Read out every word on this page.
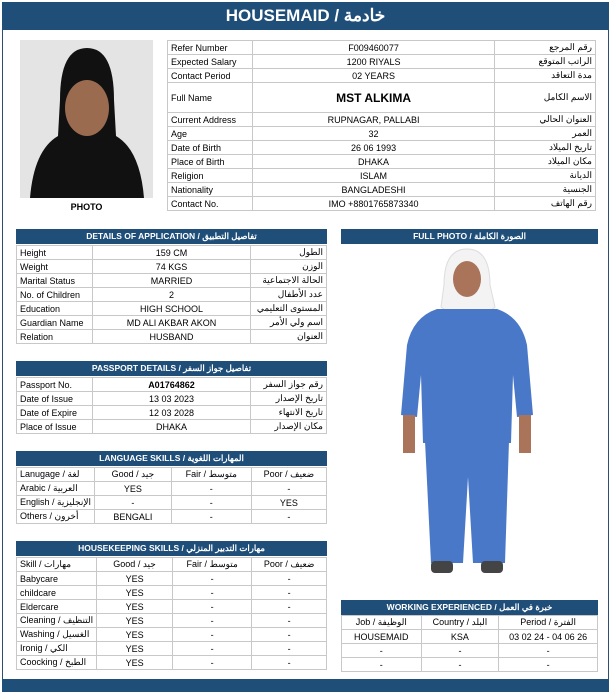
HOUSEMAID / خادمة
PHOTO
Refer Number	F009460077	رقم المرجع
Expected Salary	1200 RIYALS	الراتب المتوقع
Contact Period	02 YEARS	مدة التعاقد
Full Name	MST ALKIMA	الاسم الكامل
Current Address	RUPNAGAR, PALLABI	العنوان الحالي
Age	32	العمر
Date of Birth	26 06 1993	تاريخ الميلاد
Place of Birth	DHAKA	مكان الميلاد
Religion	ISLAM	الديانة
Nationality	BANGLADESHI	الجنسية
Contact No.	IMO +8801765873340	رقم الهاتف
DETAILS OF APPLICATION / تفاصيل التطبيق
Height	159 CM	الطول
Weight	74 KGS	الوزن
Marital Status	MARRIED	الحالة الاجتماعية
No. of Children	2	عدد الأطفال
Education	HIGH SCHOOL	المستوى التعليمي
Guardian Name	MD ALI AKBAR AKON	اسم ولي الأمر
Relation	HUSBAND	العنوان
PASSPORT DETAILS / تفاصيل جواز السفر
Passport No.	A01764862	رقم جواز السفر
Date of Issue	13 03 2023	تاريخ الإصدار
Date of Expire	12 03 2028	تاريخ الانتهاء
Place of Issue	DHAKA	مكان الإصدار
LANGUAGE SKILLS / المهارات اللغوية
Lanugage / لغة	Good / جيد	Fair / متوسط	Poor / ضعيف
Arabic / العربية	YES	-	-
English / الإنجليزية	-	-	YES
Others / أخرون	BENGALI	-	-
HOUSEKEEPING SKILLS / مهارات التدبير المنزلي
Skill / مهارات	Good / جيد	Fair / متوسط	Poor / ضعيف
Babycare	YES	-	-
childcare	YES	-	-
Eldercare	YES	-	-
Cleaning / التنظيف	YES	-	-
Washing / الغسيل	YES	-	-
Ironig / الكي	YES	-	-
Coocking / الطبخ	YES	-	-
FULL PHOTO / الصورة الكاملة
WORKING EXPERIENCED / خبرة في العمل
Job / الوظيفة	Country / البلد	Period / الفترة
HOUSEMAID	KSA	03 02 24 - 04 06 26
-	-	-
-	-	-
